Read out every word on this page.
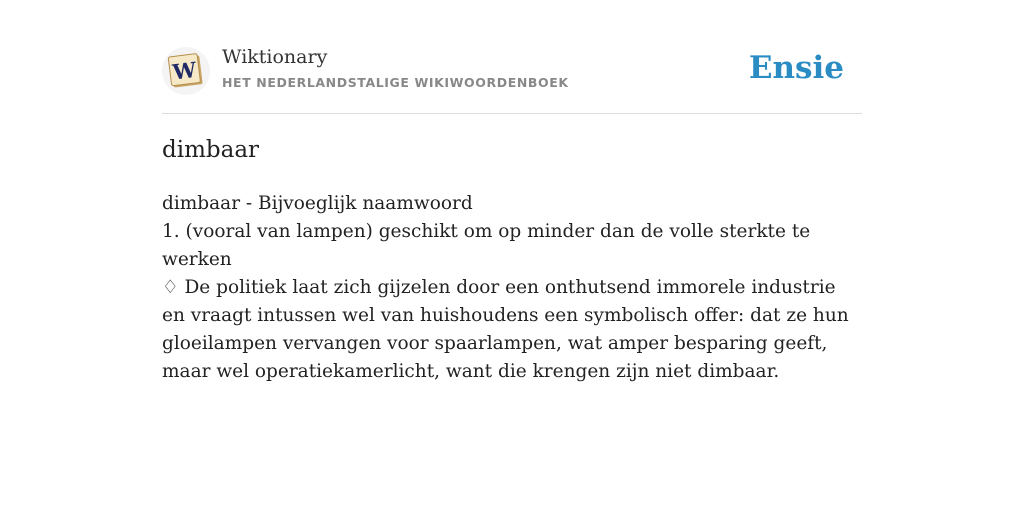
W Wiktionary
HET NEDERLANDSTALIGE WIKIWOORDENBOEK	Ensie
dimbaar
dimbaar - Bijvoeglijk naamwoord
1. (vooral van lampen) geschikt om op minder dan de volle sterkte te werken
♢ De politiek laat zich gijzelen door een onthutsend immorele industrie en vraagt intussen wel van huishoudens een symbolisch offer: dat ze hun gloeilampen vervangen voor spaarlampen, wat amper besparing geeft, maar wel operatiekamerlicht, want die krengen zijn niet dimbaar.
